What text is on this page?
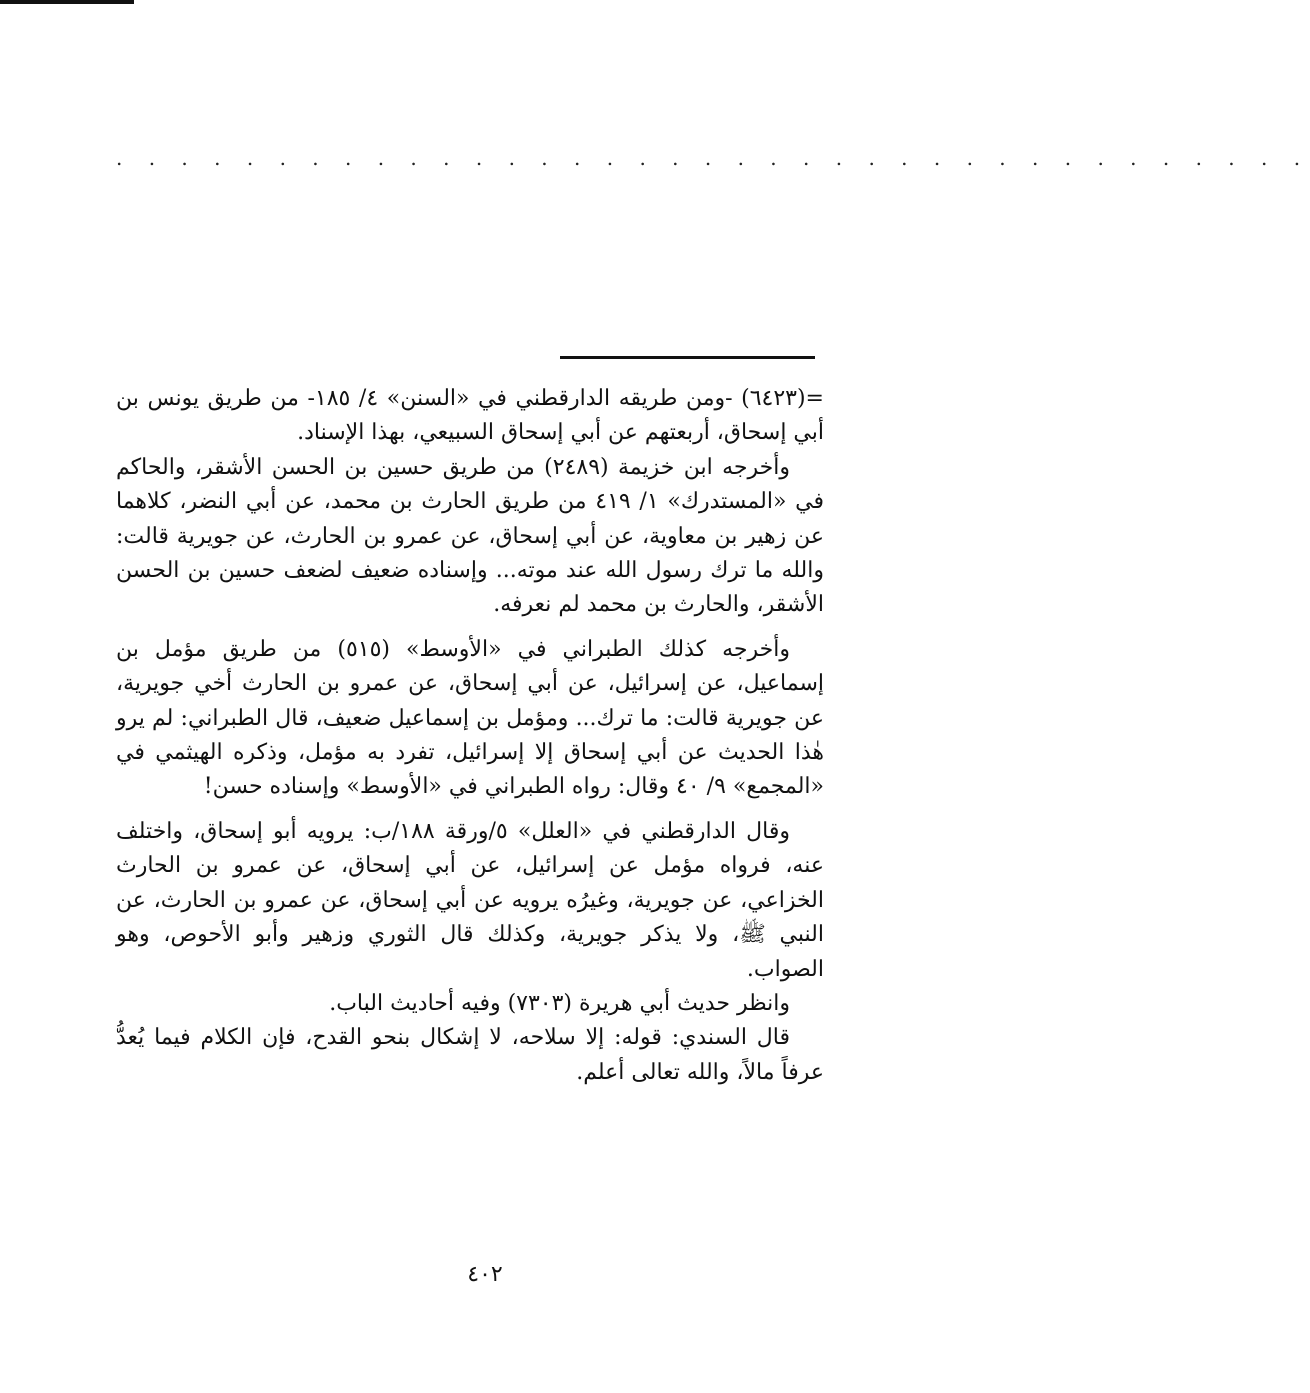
. . . . . . . . . . . . . . . . . . . . . . . . . . . . . . . . . . . . .

=(٦٤٢٣) -ومن طريقه الدارقطني في «السنن» ٤/ ١٨٥- من طريق يونس بن أبي إسحاق، أربعتهم عن أبي إسحاق السبيعي، بهذا الإسناد.

وأخرجه ابن خزيمة (٢٤٨٩) من طريق حسين بن الحسن الأشقر، والحاكم في «المستدرك» ١/ ٤١٩ من طريق الحارث بن محمد، عن أبي النضر، كلاهما عن زهير بن معاوية، عن أبي إسحاق، عن عمرو بن الحارث، عن جويرية قالت: والله ما ترك رسول الله عند موته... وإسناده ضعيف لضعف حسين بن الحسن الأشقر، والحارث بن محمد لم نعرفه.

وأخرجه كذلك الطبراني في «الأوسط» (٥١٥) من طريق مؤمل بن إسماعيل، عن إسرائيل، عن أبي إسحاق، عن عمرو بن الحارث أخي جويرية، عن جويرية قالت: ما ترك... ومؤمل بن إسماعيل ضعيف، قال الطبراني: لم يرو هٰذا الحديث عن أبي إسحاق إلا إسرائيل، تفرد به مؤمل، وذكره الهيثمي في «المجمع» ٩/ ٤٠ وقال: رواه الطبراني في «الأوسط» وإسناده حسن!

وقال الدارقطني في «العلل» ٥/ورقة ١٨٨/ب: يرويه أبو إسحاق، واختلف عنه، فرواه مؤمل عن إسرائيل، عن أبي إسحاق، عن عمرو بن الحارث الخزاعي، عن جويرية، وغيرُه يرويه عن أبي إسحاق، عن عمرو بن الحارث، عن النبي ﷺ، ولا يذكر جويرية، وكذلك قال الثوري وزهير وأبو الأحوص، وهو الصواب.

وانظر حديث أبي هريرة (٧٣٠٣) وفيه أحاديث الباب.

قال السندي: قوله: إلا سلاحه، لا إشكال بنحو القدح، فإن الكلام فيما يُعدُّ عرفاً مالاً، والله تعالى أعلم.

٤٠٢
